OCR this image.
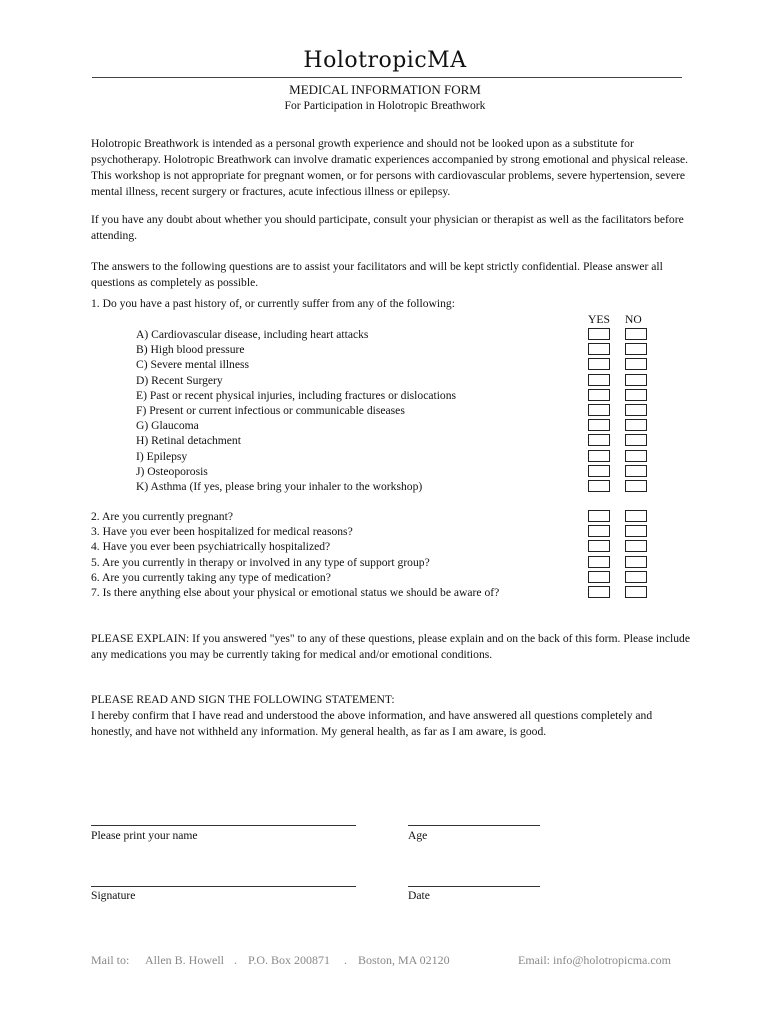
HolotropicMA
MEDICAL INFORMATION FORM
For Participation in Holotropic Breathwork
Holotropic Breathwork is intended as a personal growth experience and should not be looked upon as a substitute for psychotherapy. Holotropic Breathwork can involve dramatic experiences accompanied by strong emotional and physical release. This workshop is not appropriate for pregnant women, or for persons with cardiovascular problems, severe hypertension, severe mental illness, recent surgery or fractures, acute infectious illness or epilepsy.
If you have any doubt about whether you should participate, consult your physician or therapist as well as the facilitators before attending.
The answers to the following questions are to assist your facilitators and will be kept strictly confidential. Please answer all questions as completely as possible.
1. Do you have a past history of, or currently suffer from any of the following:
YES NO
A) Cardiovascular disease, including heart attacks
B) High blood pressure
C) Severe mental illness
D) Recent Surgery
E) Past or recent physical injuries, including fractures or dislocations
F) Present or current infectious or communicable diseases
G) Glaucoma
H) Retinal detachment
I) Epilepsy
J) Osteoporosis
K) Asthma (If yes, please bring your inhaler to the workshop)
2. Are you currently pregnant?
3. Have you ever been hospitalized for medical reasons?
4. Have you ever been psychiatrically hospitalized?
5. Are you currently in therapy or involved in any type of support group?
6. Are you currently taking any type of medication?
7. Is there anything else about your physical or emotional status we should be aware of?
PLEASE EXPLAIN: If you answered "yes" to any of these questions, please explain and on the back of this form. Please include any medications you may be currently taking for medical and/or emotional conditions.
PLEASE READ AND SIGN THE FOLLOWING STATEMENT:
I hereby confirm that I have read and understood the above information, and have answered all questions completely and honestly, and have not withheld any information. My general health, as far as I am aware, is good.
Please print your name	Age
Signature	Date
Mail to: Allen B. Howell . P.O. Box 200871 . Boston, MA 02120	Email: info@holotropicma.com
